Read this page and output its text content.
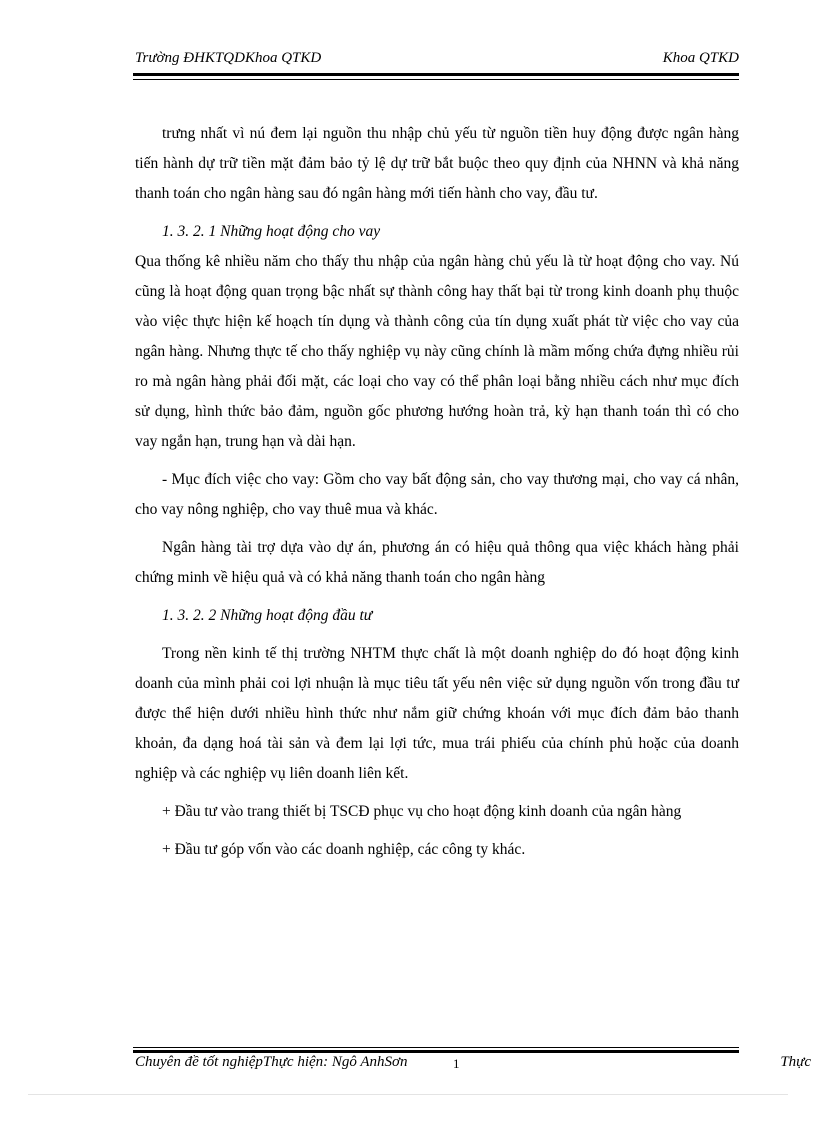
Trường ĐHKTQDKhoa QTKD	Khoa QTKD

trưng nhất vì nú đem lại nguồn thu nhập chủ yếu từ nguồn tiền huy động được ngân hàng tiến hành dự trữ tiền mặt đảm bảo tỷ lệ dự trữ bắt buộc theo quy định của NHNN và khả năng thanh toán cho ngân hàng sau đó ngân hàng mới tiến hành cho vay, đầu tư.

1. 3. 2. 1 Những hoạt động cho vay

Qua thống kê nhiều năm cho thấy thu nhập của ngân hàng chủ yếu là từ hoạt động cho vay. Nú cũng là hoạt động quan trọng bậc nhất sự thành công hay thất bại từ trong kinh doanh phụ thuộc vào việc thực hiện kế hoạch tín dụng và thành công của tín dụng xuất phát từ việc cho vay của ngân hàng. Nhưng thực tế cho thấy nghiệp vụ này cũng chính là mầm mống chứa đựng nhiều rủi ro mà ngân hàng phải đối mặt, các loại cho vay có thể phân loại bằng nhiều cách như mục đích sử dụng, hình thức bảo đảm, nguồn gốc phương hướng hoàn trả, kỳ hạn thanh toán thì có cho vay ngắn hạn, trung hạn và dài hạn.

- Mục đích việc cho vay: Gồm cho vay bất động sản, cho vay thương mại, cho vay cá nhân, cho vay nông nghiệp, cho vay thuê mua và khác.

Ngân hàng tài trợ dựa vào dự án, phương án có hiệu quả thông qua việc khách hàng phải chứng minh về hiệu quả và có khả năng thanh toán cho ngân hàng

1. 3. 2. 2 Những hoạt động đầu tư

Trong nền kinh tế thị trường NHTM thực chất là một doanh nghiệp do đó hoạt động kinh doanh của mình phải coi lợi nhuận là mục tiêu tất yếu nên việc sử dụng nguồn vốn trong đầu tư được thể hiện dưới nhiều hình thức như nắm giữ chứng khoán với mục đích đảm bảo thanh khoản, đa dạng hoá tài sản và đem lại lợi tức, mua trái phiếu của chính phủ hoặc của doanh nghiệp và các nghiệp vụ liên doanh liên kết.

+ Đầu tư vào trang thiết bị TSCĐ phục vụ cho hoạt động kinh doanh của ngân hàng

+ Đầu tư góp vốn vào các doanh nghiệp, các công ty khác.

Chuyên đề tốt nghiệpThực hiện: Ngô AnhSơn	1	Thực
